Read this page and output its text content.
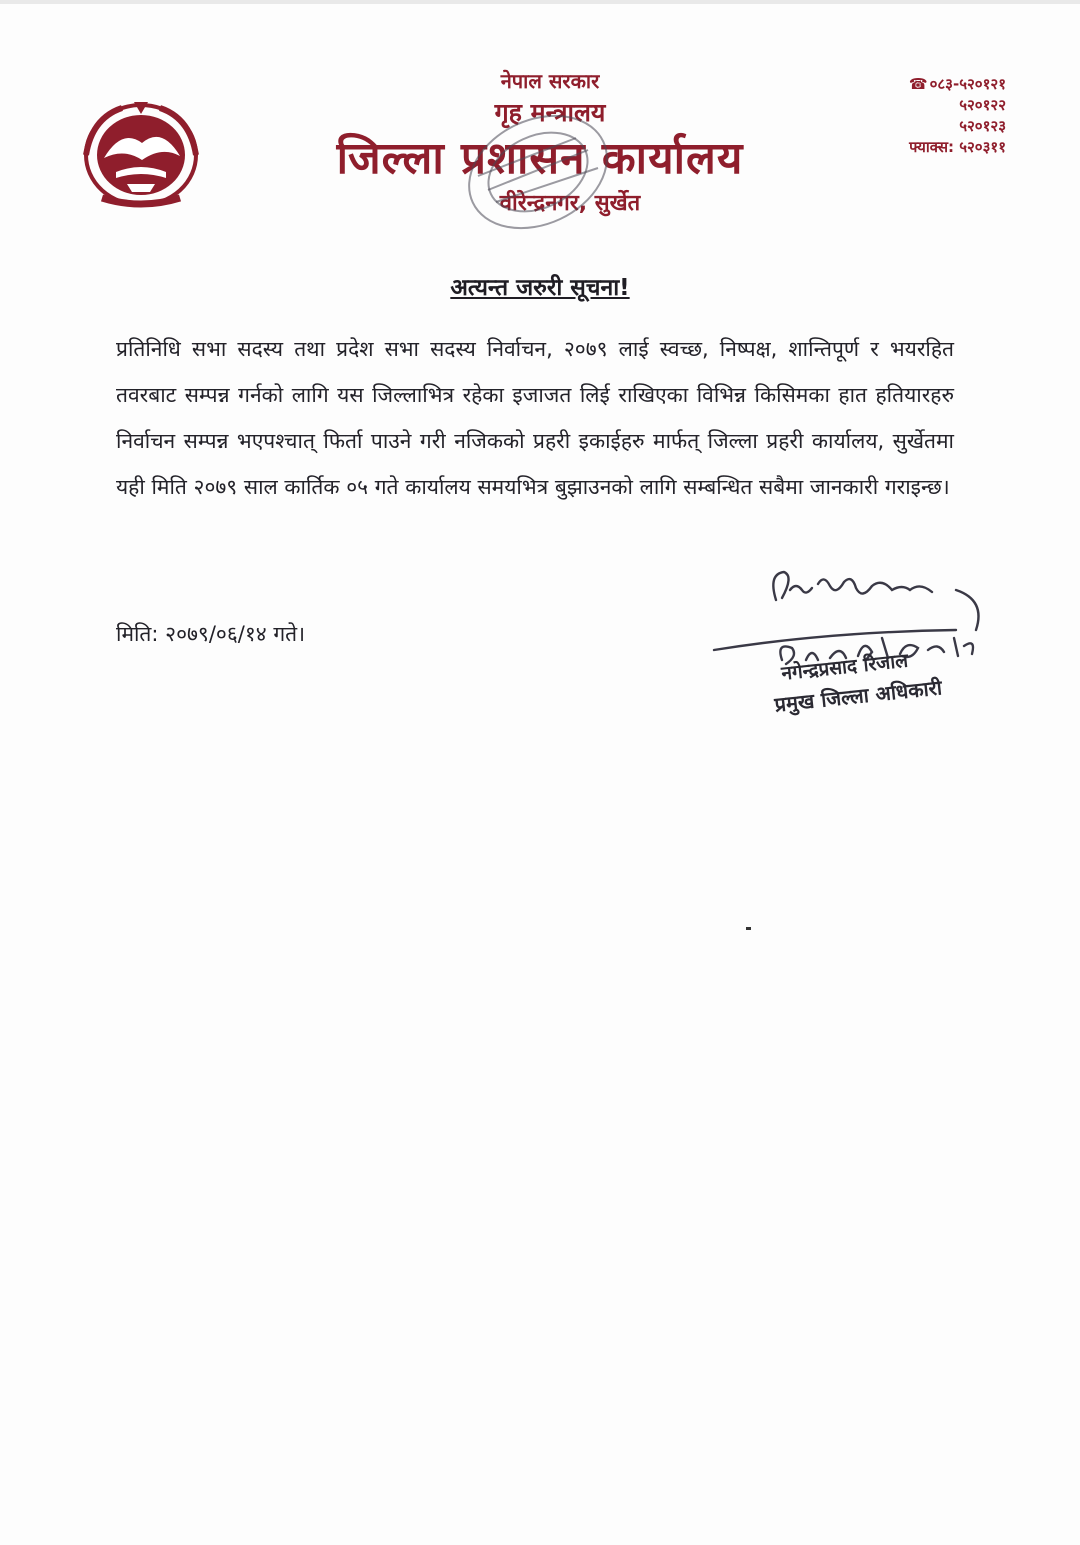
नेपाल सरकार
गृह मन्त्रालय
जिल्ला प्रशासन कार्यालय
वीरेन्द्रनगर, सुर्खेत
☎ ०८३-५२०१२१
५२०१२२
५२०१२३
फ्याक्स: ५२०३११
अत्यन्त जरुरी सूचना!

प्रतिनिधि सभा सदस्य तथा प्रदेश सभा सदस्य निर्वाचन, २०७९ लाई स्वच्छ, निष्पक्ष, शान्तिपूर्ण र भयरहित तवरबाट सम्पन्न गर्नको लागि यस जिल्लाभित्र रहेका इजाजत लिई राखिएका विभिन्न किसिमका हात हतियारहरु निर्वाचन सम्पन्न भएपश्चात् फिर्ता पाउने गरी नजिकको प्रहरी इकाईहरु मार्फत् जिल्ला प्रहरी कार्यालय, सुर्खेतमा यही मिति २०७९ साल कार्तिक ०५ गते कार्यालय समयभित्र बुझाउनको लागि सम्बन्धित सबैमा जानकारी गराइन्छ।

मिति: २०७९/०६/१४ गते।
नगेन्द्रप्रसाद रिजाल
प्रमुख जिल्ला अधिकारी
